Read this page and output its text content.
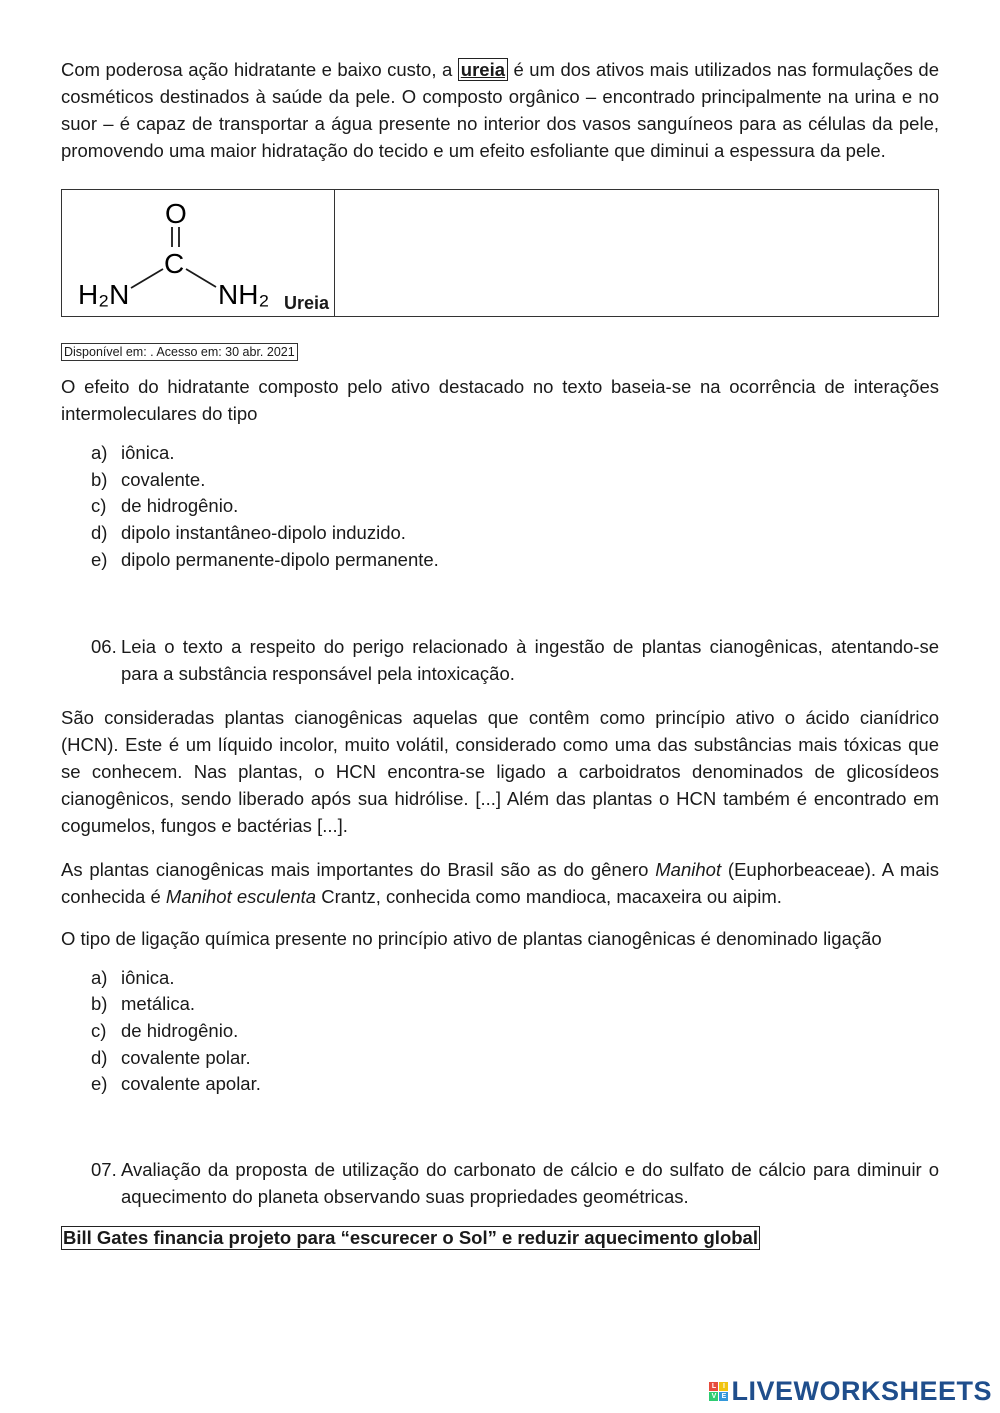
Com poderosa ação hidratante e baixo custo, a ureia é um dos ativos mais utilizados nas formulações de cosméticos destinados à saúde da pele. O composto orgânico – encontrado principalmente na urina e no suor – é capaz de transportar a água presente no interior dos vasos sanguíneos para as células da pele, promovendo uma maior hidratação do tecido e um efeito esfoliante que diminui a espessura da pele.

O
C
H₂N	NH₂ Ureia
Disponível em: . Acesso em: 30 abr. 2021

O efeito do hidratante composto pelo ativo destacado no texto baseia-se na ocorrência de interações intermoleculares do tipo

a) iônica.
b) covalente.
c) de hidrogênio.
d) dipolo instantâneo-dipolo induzido.
e) dipolo permanente-dipolo permanente.
06. Leia o texto a respeito do perigo relacionado à ingestão de plantas cianogênicas, atentando-se para a substância responsável pela intoxicação.

São consideradas plantas cianogênicas aquelas que contêm como princípio ativo o ácido cianídrico (HCN). Este é um líquido incolor, muito volátil, considerado como uma das substâncias mais tóxicas que se conhecem. Nas plantas, o HCN encontra-se ligado a carboidratos denominados de glicosídeos cianogênicos, sendo liberado após sua hidrólise. [...] Além das plantas o HCN também é encontrado em cogumelos, fungos e bactérias [...].

As plantas cianogênicas mais importantes do Brasil são as do gênero Manihot (Euphorbeaceae). A mais conhecida é Manihot esculenta Crantz, conhecida como mandioca, macaxeira ou aipim.

O tipo de ligação química presente no princípio ativo de plantas cianogênicas é denominado ligação

a) iônica.
b) metálica.
c) de hidrogênio.
d) covalente polar.
e) covalente apolar.
07. Avaliação da proposta de utilização do carbonato de cálcio e do sulfato de cálcio para diminuir o aquecimento do planeta observando suas propriedades geométricas.
Bill Gates financia projeto para “escurecer o Sol” e reduzir aquecimento global
L I
V E LIVEWORKSHEETS
